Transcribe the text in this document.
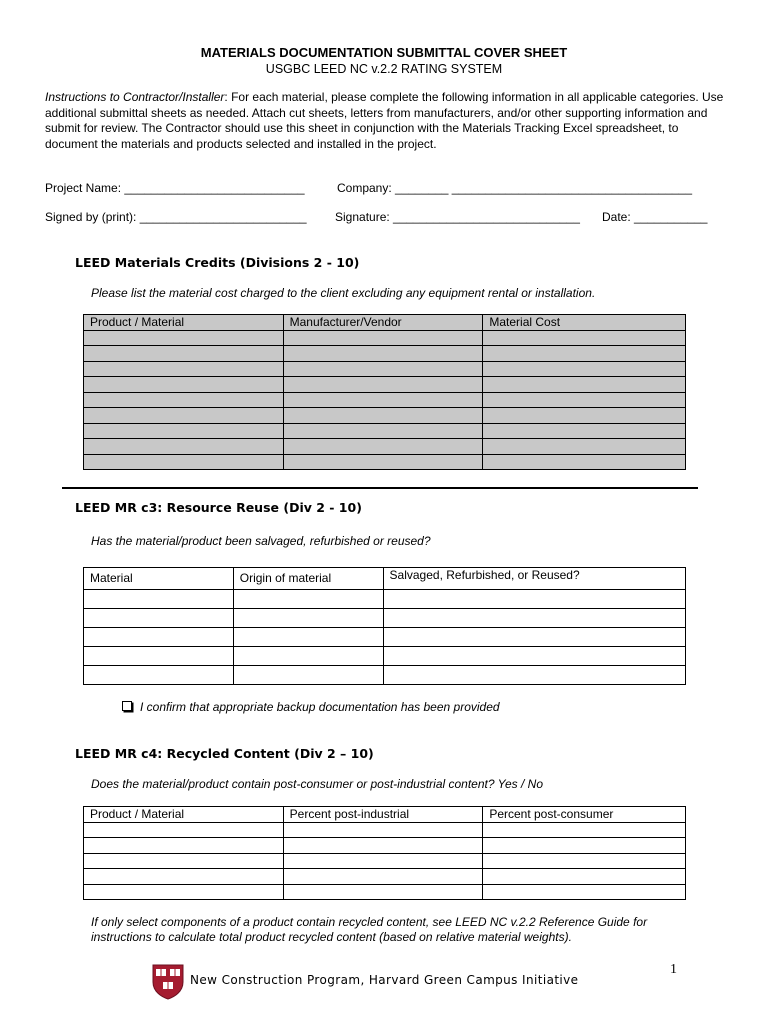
MATERIALS DOCUMENTATION SUBMITTAL COVER SHEET
USGBC LEED NC v.2.2 RATING SYSTEM
Instructions to Contractor/Installer: For each material, please complete the following information in all applicable categories. Use additional submittal sheets as needed. Attach cut sheets, letters from manufacturers, and/or other supporting information and submit for review. The Contractor should use this sheet in conjunction with the Materials Tracking Excel spreadsheet, to document the materials and products selected and installed in the project.
Project Name: ___________________________	Company: ________ ____________________________________
Signed by (print): _________________________ Signature: ____________________________ Date: ___________
LEED Materials Credits (Divisions 2 - 10)
Please list the material cost charged to the client excluding any equipment rental or installation.
Product / Material	Manufacturer/Vendor	Material Cost

LEED MR c3: Resource Reuse (Div 2 - 10)
Has the material/product been salvaged, refurbished or reused?
Material	Origin of material	Salvaged, Refurbished, or Reused?

I confirm that appropriate backup documentation has been provided
LEED MR c4: Recycled Content (Div 2 – 10)
Does the material/product contain post-consumer or post-industrial content? Yes / No
Product / Material	Percent post-industrial	Percent post-consumer

If only select components of a product contain recycled content, see LEED NC v.2.2 Reference Guide for instructions to calculate total product recycled content (based on relative material weights).
New Construction Program, Harvard Green Campus Initiative
1
